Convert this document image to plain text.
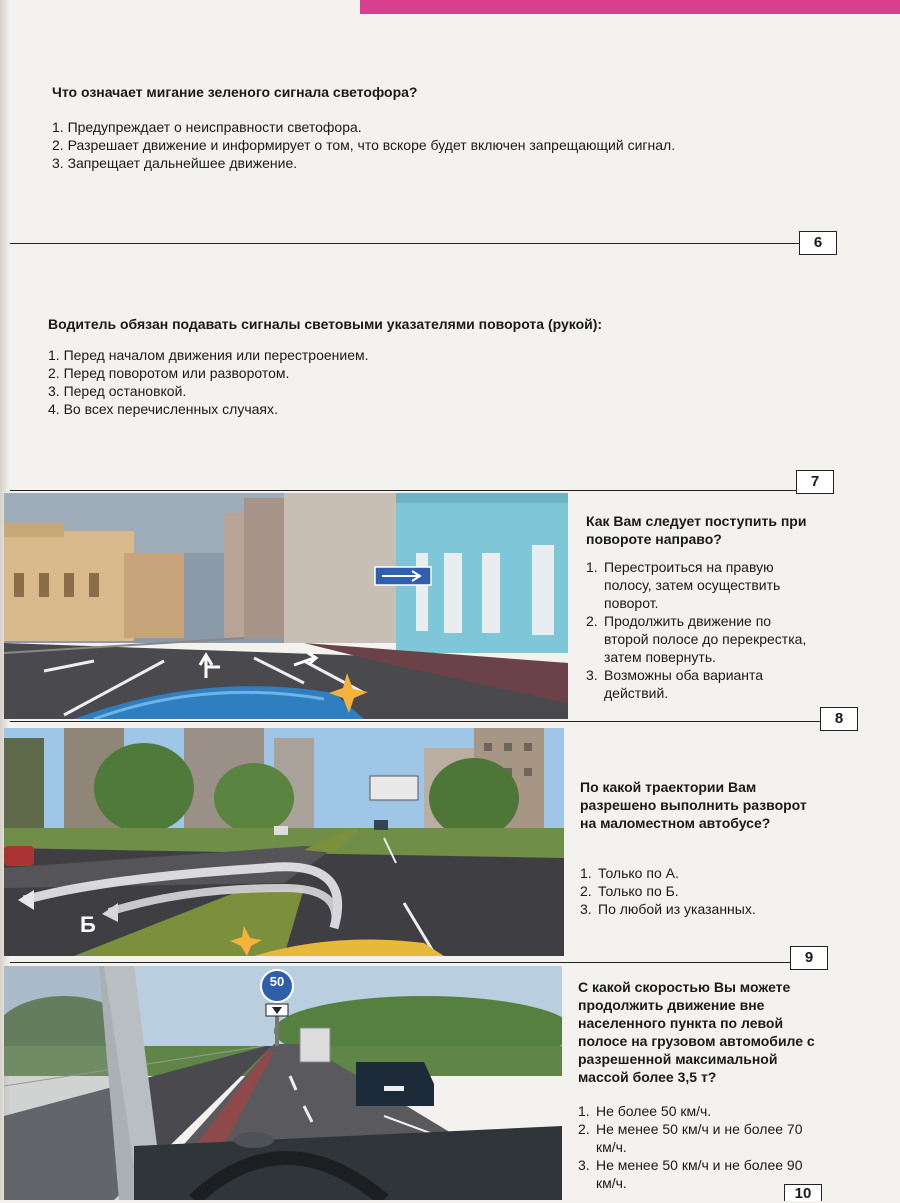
Что означает мигание зеленого сигнала светофора?
1. Предупреждает о неисправности светофора.
2. Разрешает движение и информирует о том, что вскоре будет включен запрещающий сигнал.
3. Запрещает дальнейшее движение.
6
Водитель обязан подавать сигналы световыми указателями поворота (рукой):
1. Перед началом движения или перестроением.
2. Перед поворотом или разворотом.
3. Перед остановкой.
4. Во всех перечисленных случаях.
7
Как Вам следует поступить при повороте направо?
1. Перестроиться на правую полосу, затем осуществить поворот.
2. Продолжить движение по второй полосе до перекрестка, затем повернуть.
3. Возможны оба варианта действий.
8
Б
По какой траектории Вам разрешено выполнить разворот на маломестном автобусе?
1. Только по А.
2. Только по Б.
3. По любой из указанных.
9
50	С какой скоростью Вы можете продолжить движение вне населенного пункта по левой полосе на грузовом автомобиле с разрешенной максимальной массой более 3,5 т?
1. Не более 50 км/ч.
2. Не менее 50 км/ч и не более 70 км/ч.
3. Не менее 50 км/ч и не более 90 км/ч.
10
